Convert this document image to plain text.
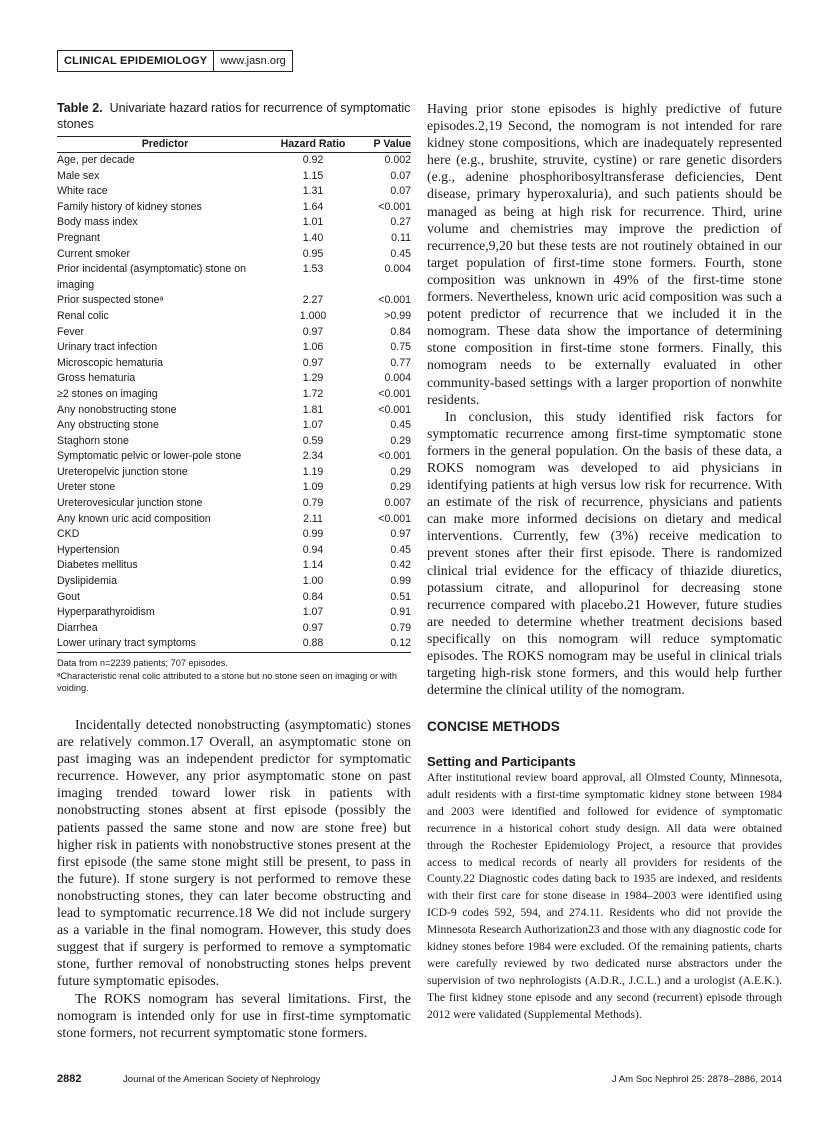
CLINICAL EPIDEMIOLOGY	www.jasn.org
Table 2. Univariate hazard ratios for recurrence of symptomatic stones
Predictor	Hazard Ratio	P Value
Age, per decade	0.92	0.002
Male sex	1.15	0.07
White race	1.31	0.07
Family history of kidney stones	1.64	<0.001
Body mass index	1.01	0.27
Pregnant	1.40	0.11
Current smoker	0.95	0.45
Prior incidental (asymptomatic) stone on imaging	1.53	0.004
Prior suspected stoneᵃ	2.27	<0.001
Renal colic	1.000	>0.99
Fever	0.97	0.84
Urinary tract infection	1.06	0.75
Microscopic hematuria	0.97	0.77
Gross hematuria	1.29	0.004
≥2 stones on imaging	1.72	<0.001
Any nonobstructing stone	1.81	<0.001
Any obstructing stone	1.07	0.45
Staghorn stone	0.59	0.29
Symptomatic pelvic or lower-pole stone	2.34	<0.001
Ureteropelvic junction stone	1.19	0.29
Ureter stone	1.09	0.29
Ureterovesicular junction stone	0.79	0.007
Any known uric acid composition	2.11	<0.001
CKD	0.99	0.97
Hypertension	0.94	0.45
Diabetes mellitus	1.14	0.42
Dyslipidemia	1.00	0.99
Gout	0.84	0.51
Hyperparathyroidism	1.07	0.91
Diarrhea	0.97	0.79
Lower urinary tract symptoms	0.88	0.12
Data from n=2239 patients; 707 episodes.
ᵃCharacteristic renal colic attributed to a stone but no stone seen on imaging or with voiding.

Incidentally detected nonobstructing (asymptomatic) stones are relatively common.17 Overall, an asymptomatic stone on past imaging was an independent predictor for symptomatic recurrence. However, any prior asymptomatic stone on past imaging trended toward lower risk in patients with nonobstructing stones absent at first episode (possibly the patients passed the same stone and now are stone free) but higher risk in patients with nonobstructive stones present at the first episode (the same stone might still be present, to pass in the future). If stone surgery is not performed to remove these nonobstructing stones, they can later become obstructing and lead to symptomatic recurrence.18 We did not include surgery as a variable in the final nomogram. However, this study does suggest that if surgery is performed to remove a symptomatic stone, further removal of nonobstructing stones helps prevent future symptomatic episodes.

The ROKS nomogram has several limitations. First, the nomogram is intended only for use in first-time symptomatic stone formers, not recurrent symptomatic stone formers.

Having prior stone episodes is highly predictive of future episodes.2,19 Second, the nomogram is not intended for rare kidney stone compositions, which are inadequately represented here (e.g., brushite, struvite, cystine) or rare genetic disorders (e.g., adenine phosphoribosyltransferase deficiencies, Dent disease, primary hyperoxaluria), and such patients should be managed as being at high risk for recurrence. Third, urine volume and chemistries may improve the prediction of recurrence,9,20 but these tests are not routinely obtained in our target population of first-time stone formers. Fourth, stone composition was unknown in 49% of the first-time stone formers. Nevertheless, known uric acid composition was such a potent predictor of recurrence that we included it in the nomogram. These data show the importance of determining stone composition in first-time stone formers. Finally, this nomogram needs to be externally evaluated in other community-based settings with a larger proportion of nonwhite residents.

In conclusion, this study identified risk factors for symptomatic recurrence among first-time symptomatic stone formers in the general population. On the basis of these data, a ROKS nomogram was developed to aid physicians in identifying patients at high versus low risk for recurrence. With an estimate of the risk of recurrence, physicians and patients can make more informed decisions on dietary and medical interventions. Currently, few (3%) receive medication to prevent stones after their first episode. There is randomized clinical trial evidence for the efficacy of thiazide diuretics, potassium citrate, and allopurinol for decreasing stone recurrence compared with placebo.21 However, future studies are needed to determine whether treatment decisions based specifically on this nomogram will reduce symptomatic episodes. The ROKS nomogram may be useful in clinical trials targeting high-risk stone formers, and this would help further determine the clinical utility of the nomogram.

CONCISE METHODS
Setting and Participants

After institutional review board approval, all Olmsted County, Minnesota, adult residents with a first-time symptomatic kidney stone between 1984 and 2003 were identified and followed for evidence of symptomatic recurrence in a historical cohort study design. All data were obtained through the Rochester Epidemiology Project, a resource that provides access to medical records of nearly all providers for residents of the County.22 Diagnostic codes dating back to 1935 are indexed, and residents with their first care for stone disease in 1984–2003 were identified using ICD-9 codes 592, 594, and 274.11. Residents who did not provide the Minnesota Research Authorization23 and those with any diagnostic code for kidney stones before 1984 were excluded. Of the remaining patients, charts were carefully reviewed by two dedicated nurse abstractors under the supervision of two nephrologists (A.D.R., J.C.L.) and a urologist (A.E.K.). The first kidney stone episode and any second (recurrent) episode through 2012 were validated (Supplemental Methods).

2882	Journal of the American Society of Nephrology	J Am Soc Nephrol 25: 2878–2886, 2014
